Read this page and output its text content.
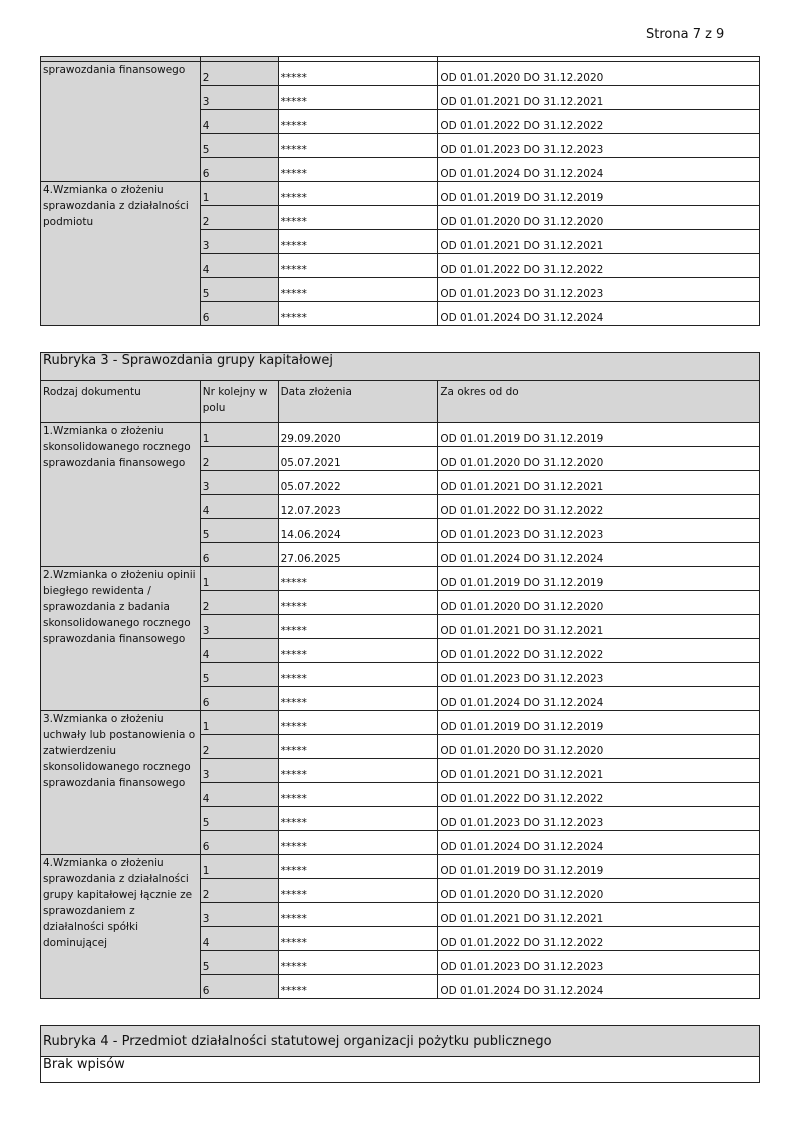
Strona 7 z 9

sprawozdania finansowego	2	*****	OD 01.01.2020 DO 31.12.2020

	3	*****	OD 01.01.2021 DO 31.12.2021

	4	*****	OD 01.01.2022 DO 31.12.2022

	5	*****	OD 01.01.2023 DO 31.12.2023

	6	*****	OD 01.01.2024 DO 31.12.2024

4.Wzmianka o złożeniu sprawozdania z działalności podmiotu	1	*****	OD 01.01.2019 DO 31.12.2019

	2	*****	OD 01.01.2020 DO 31.12.2020

	3	*****	OD 01.01.2021 DO 31.12.2021

	4	*****	OD 01.01.2022 DO 31.12.2022

	5	*****	OD 01.01.2023 DO 31.12.2023

	6	*****	OD 01.01.2024 DO 31.12.2024
Rubryka 3 - Sprawozdania grupy kapitałowej			
Rodzaj dokumentu	Nr kolejny w polu	Data złożenia	Za okres od do
1.Wzmianka o złożeniu skonsolidowanego rocznego sprawozdania finansowego	1	29.09.2020	OD 01.01.2019 DO 31.12.2019

	2	05.07.2021	OD 01.01.2020 DO 31.12.2020

	3	05.07.2022	OD 01.01.2021 DO 31.12.2021

	4	12.07.2023	OD 01.01.2022 DO 31.12.2022

	5	14.06.2024	OD 01.01.2023 DO 31.12.2023

	6	27.06.2025	OD 01.01.2024 DO 31.12.2024

2.Wzmianka o złożeniu opinii biegłego rewidenta / sprawozdania z badania skonsolidowanego rocznego sprawozdania finansowego	1	*****	OD 01.01.2019 DO 31.12.2019

	2	*****	OD 01.01.2020 DO 31.12.2020

	3	*****	OD 01.01.2021 DO 31.12.2021

	4	*****	OD 01.01.2022 DO 31.12.2022

	5	*****	OD 01.01.2023 DO 31.12.2023

	6	*****	OD 01.01.2024 DO 31.12.2024

3.Wzmianka o złożeniu uchwały lub postanowienia o zatwierdzeniu skonsolidowanego rocznego sprawozdania finansowego	1	*****	OD 01.01.2019 DO 31.12.2019

	2	*****	OD 01.01.2020 DO 31.12.2020

	3	*****	OD 01.01.2021 DO 31.12.2021

	4	*****	OD 01.01.2022 DO 31.12.2022

	5	*****	OD 01.01.2023 DO 31.12.2023

	6	*****	OD 01.01.2024 DO 31.12.2024

4.Wzmianka o złożeniu sprawozdania z działalności grupy kapitałowej łącznie ze sprawozdaniem z działalności spółki dominującej	1	*****	OD 01.01.2019 DO 31.12.2019

	2	*****	OD 01.01.2020 DO 31.12.2020

	3	*****	OD 01.01.2021 DO 31.12.2021

	4	*****	OD 01.01.2022 DO 31.12.2022

	5	*****	OD 01.01.2023 DO 31.12.2023

	6	*****	OD 01.01.2024 DO 31.12.2024
Rubryka 4 - Przedmiot działalności statutowej organizacji pożytku publicznego
Brak wpisów
